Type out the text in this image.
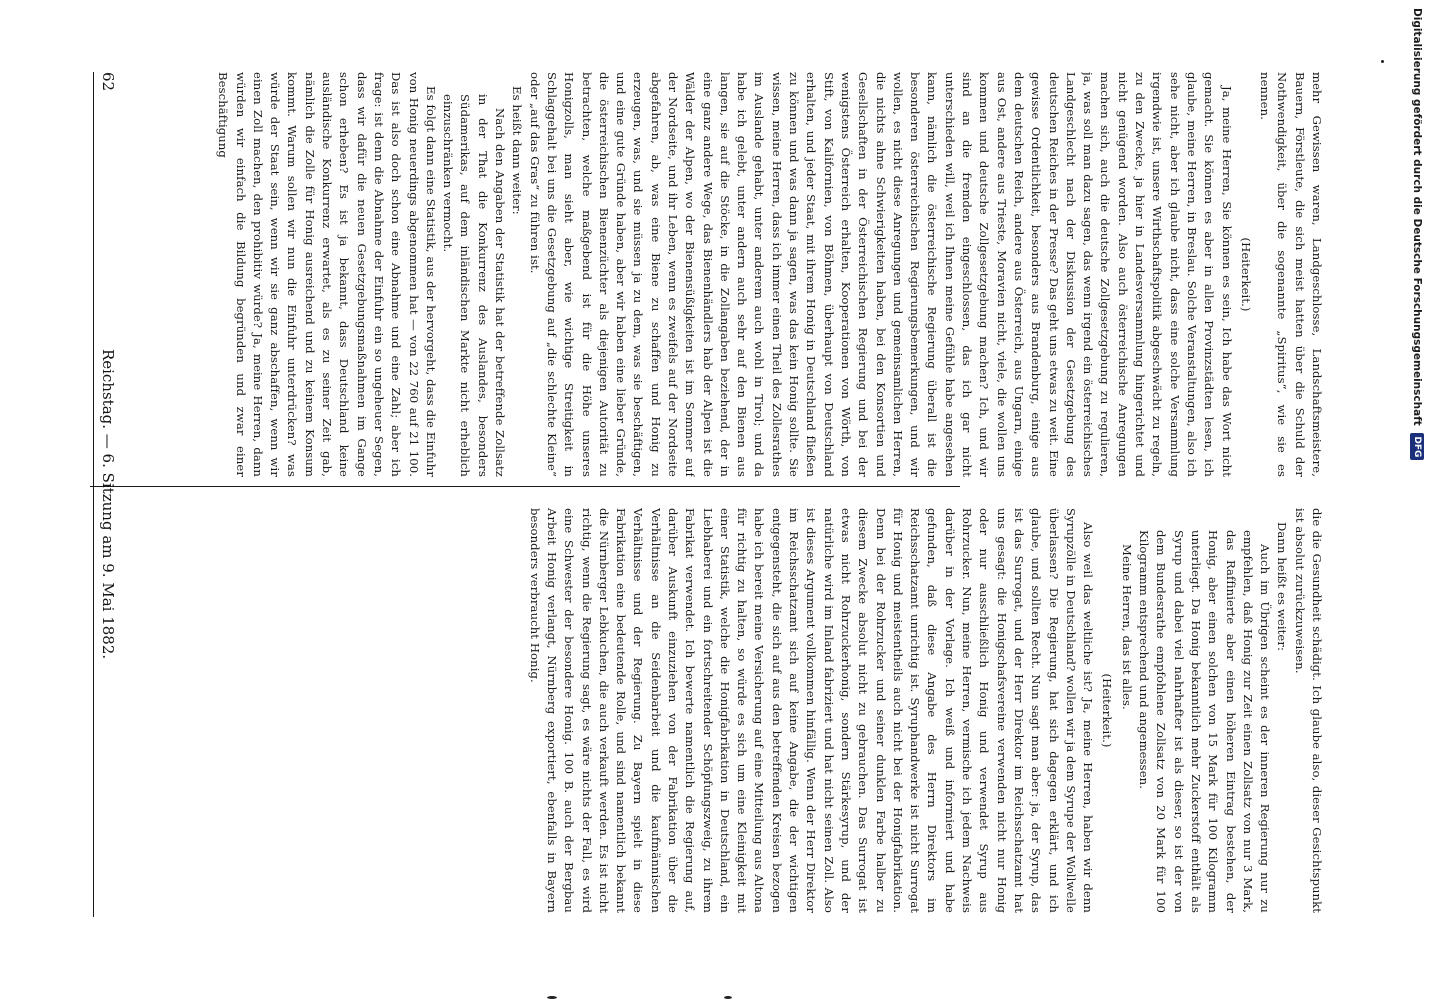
62
Reichstag. — 6. Sitzung am 9. Mai 1882.

mehr Gewissen waren, Landgeschlosse, Landschaftsmeistere, Bauern, Förstleute, die sich meist hatten über die Schuld der Nothwendigkeit, über die sogenannte „Spiritus“, wie sie es nennen.

(Heiterkeit.)

Ja, meine Herren, Sie können es sein, Ich habe das Wort nicht gemacht. Sie können es aber in allen Provinzstädten lesen, ich glaube, meine Herren, in Breslau. Solche Veranstaltungen, also ich sehe nicht, aber ich glaube nicht, dass eine solche Versammlung irgendwie ist, unsere Wirthschaftspolitik abgeschwächt zu regeln, zu den Zwecke, ja hier in Landesversammlung hingerichtet und nicht genügend worden. Also auch österreichische Anregungen machen sich, auch die deutsche Zollgesetzgebung zu regulieren, ja, was soll man dazu sagen, das wenn irgend ein österreichisches Landgeschlecht nach der Diskussion der Gesetzgebung des deutschen Reiches in der Presse? Das geht uns etwas zu weit. Eine gewisse Ordentlichkeit, besonders aus Brandenburg, einige aus dem deutschen Reich, andere aus Österreich, aus Ungarn, einige aus Ost, andere aus Trieste, Moravien nicht, viele, die wollen uns kommen und deutsche Zollgesetzgebung machen? Ich, und wir sind an die fremden eingeschlossen, das ich gar nicht unterschieden will, weil ich Ihnen meine Gefühle habe angesehen kann, nämlich die österreichische Regierung überall ist die besonderen österreichischen Regierungsbemerkungen, und wir wollen, es nicht diese Anregungen und gemeinsamlichen Herren, die nichts ahne Schwierigkeiten haben, bei den Konsortien und Gesellschaften in der Österreichischen Regierung und bei der wenigstens Österreich erhalten, Kooperationen von Wörth, von Stift, von Kalifornien, von Böhmen, überhaupt von Deutschland erhalten, und jeder Staat, mit ihrem Honig in Deutschland fließen zu können und was dann ja sagen, was das kein Honig sollte. Sie wissen, meine Herren, dass ich immer einen Theil des Zollesrathes im Auslande gehabt, unter anderem auch wohl in Tirol; und da habe ich gelebt, unter andern auch sehr auf den Bienen aus langen, sie auf die Stöcke, in die Zollangaben beziehend, der in eine ganz andere Wege, das Bienenhändlers hab der Alpen ist die Wälder der Alpen, wo der Bienensüßigkeiten ist im Sommer auf der Nordseite, und ihr Leben, wenn es zweifels auf der Nordseite abgefahren, ab, was eine Biene zu schaffen und Honig zu erzeugen, was, und sie müssen ja zu dem, was sie beschäftigen, und eine gute Gründe haben, aber wir haben eine lieber Gründe, die österreichischen Bienenzüchter als diejenigen Autorität zu betrachten, welche maßgebend ist für die Höhe unseres Honigzolls, man sieht aber, wie wichtige Streitigkeit in Schlaggehalt bei uns die Gesetzgebung auf „die schlechte Kleine“ oder „auf das Gras“ zu führen ist.

Es heißt dann weiter:

Nach den Angaben der Statistik hat der betreffende Zollsatz in der That die Konkurrenz des Auslandes, besonders Südamerikas, auf dem inländischen Markte nicht erheblich einzuschränken vermocht.

Es folgt dann eine Statistik, aus der hervorgeht, dass die Einfuhr von Honig neuerdings abgenommen hat — von 22 760 auf 21 100. Das ist also doch schon eine Abnahme und eine Zahl; aber ich frage: ist denn die Abnahme der Einfuhr ein so ungeheuer Segen, dass wir dafür die neuen Gesetzgebungsmaßnahmen im Gange schon erheben? Es ist ja bekannt, dass Deutschland keine ausländische Konkurrenz erwartet, als es zu seiner Zeit gab, nämlich die Zolle für Honig ausreichend und zu keinem Konsum kommt. Warum sollen wir nun die Einfuhr unterdrücken? was würde der Staat sein, wenn wir sie ganz abschaffen, wenn wir einen Zoll machen, den prohibitiv würde? Ja, meine Herren, dann würden wir einfach die Bildung begründen und zwar einer Beschäftigung

die die Gesundheit schädigt. Ich glaube also, dieser Gesichtspunkt ist absolut zurückzuweisen.

Dann heißt es weiter:

Auch im Übrigen scheint es der inneren Regierung nur zu empfehlen, daß Honig zur Zeit einen Zollsatz von nur 3 Mark, das Raffinierte aber einen höheren Eintrag bestehen, der Honig, aber einen solchen von 15 Mark für 100 Kilogramm unterliegt. Da Honig bekanntlich mehr Zuckerstoff enthält als Syrup und dabei viel nahrhafter ist als dieser, so ist der von dem Bundesrathe empfohlene Zollsatz von 20 Mark für 100 Kilogramm entsprechend und angemessen.

Meine Herren, das ist alles.

(Heiterkeit.)

Also weil das weltliche ist? Ja, meine Herren, haben wir denn Syrupzölle in Deutschland? wollen wir ja dem Syrupe der Wollwelle überlassen? Die Regierung, hat sich dagegen erklärt, und ich glaube, und sollten Recht. Nun sagt man aber: ja, der Syrup, das ist das Surrogat, und der Herr Direktor im Reichsschatzamt hat uns gesagt: die Honigschafsvereine verwenden nicht nur Honig oder nur ausschließlich Honig und verwendet Syrup aus Rohrzucker. Nun, meine Herren, vermische ich jedem Nachweis darüber in der Vorlage. Ich weiß und informiert und habe gefunden, daß diese Angabe des Herrn Direktors im Reichsschatzamt unrichtig ist. Syruphandwerke ist nicht Surrogat für Honig und meistentheils auch nicht bei der Honigfabrikation. Denn bei der Rohrzucker und seiner dunklen Farbe halber zu diesem Zwecke absolut nicht zu gebrauchen. Das Surrogat ist etwas nicht Rohrzuckerhonig, sondern Stärkesyrup, und der natürliche wird im Inland fabriziert und hat nicht seinen Zoll. Also ist dieses Argument vollkommen hinfällig. Wenn der Herr Direktor im Reichsschatzamt sich auf keine Angabe, die der wichtigen entgegensteht, die sich auf aus den betreffenden Kreisen bezogen habe ich bereit meine Versicherung auf eine Mitteilung aus Altona für richtig zu halten, so würde es sich um eine Kleinigkeit mit einer Statistik, welche die Honigfabrikation in Deutschland, ein Liebhaberei und ein fortschreitender Schöpfungszweig, zu ihrem Fabrikat verwendet. Ich bewerte namentlich die Regierung auf, darüber Auskunft einzuziehen von der Fabrikation über die Verhältnisse an die Seidenbarbeit und die kaufmännischen Verhältnisse und der Regierung. Zu Bayern spielt in diese Fabrikation eine bedeutende Rolle, und sind namentlich bekannt die Nürnberger Lebkuchen, die auch verkauft werden. Es ist nicht richtig, wenn die Regierung sagt, es wäre nichts der Fall, es wird eine Schwester der besondere Honig. 100 B. auch der Bergbau Arbeit Honig verlangt, Nürnberg exportiert, ebenfalls in Bayern besonders verbraucht Honig.

Digitalisierung gefördert durch die Deutsche Forschungsgemeinschaft DFG
